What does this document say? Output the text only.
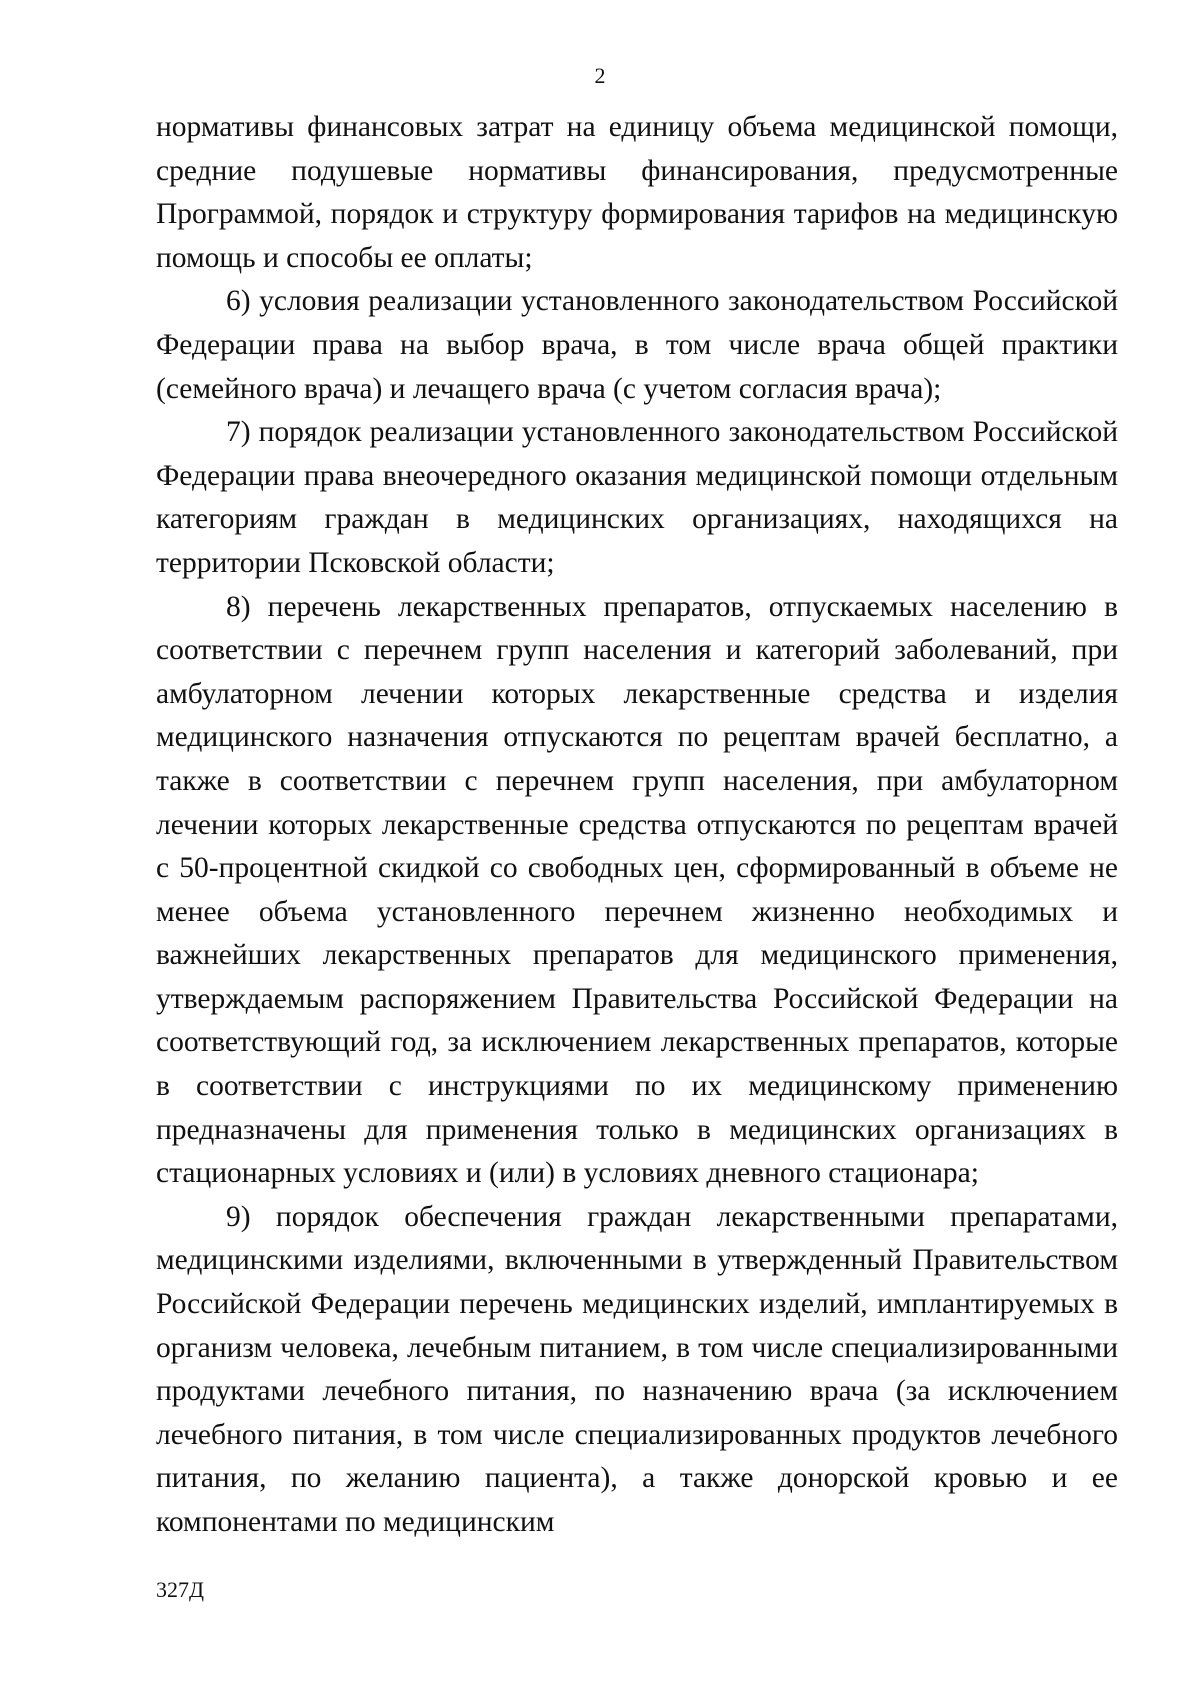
2

нормативы финансовых затрат на единицу объема медицинской помощи, средние подушевые нормативы финансирования, предусмотренные Программой, порядок и структуру формирования тарифов на медицинскую помощь и способы ее оплаты;

6) условия реализации установленного законодательством Российской Федерации права на выбор врача, в том числе врача общей практики (семейного врача) и лечащего врача (с учетом согласия врача);

7) порядок реализации установленного законодательством Российской Федерации права внеочередного оказания медицинской помощи отдельным категориям граждан в медицинских организациях, находящихся на территории Псковской области;

8) перечень лекарственных препаратов, отпускаемых населению в соответствии с перечнем групп населения и категорий заболеваний, при амбулаторном лечении которых лекарственные средства и изделия медицинского назначения отпускаются по рецептам врачей бесплатно, а также в соответствии с перечнем групп населения, при амбулаторном лечении которых лекарственные средства отпускаются по рецептам врачей с 50-процентной скидкой со свободных цен, сформированный в объеме не менее объема установленного перечнем жизненно необходимых и важнейших лекарственных препаратов для медицинского применения, утверждаемым распоряжением Правительства Российской Федерации на соответствующий год, за исключением лекарственных препаратов, которые в соответствии с инструкциями по их медицинскому применению предназначены для применения только в медицинских организациях в стационарных условиях и (или) в условиях дневного стационара;

9) порядок обеспечения граждан лекарственными препаратами, медицинскими изделиями, включенными в утвержденный Правительством Российской Федерации перечень медицинских изделий, имплантируемых в организм человека, лечебным питанием, в том числе специализированными продуктами лечебного питания, по назначению врача (за исключением лечебного питания, в том числе специализированных продуктов лечебного питания, по желанию пациента), а также донорской кровью и ее компонентами по медицинским

327Д
